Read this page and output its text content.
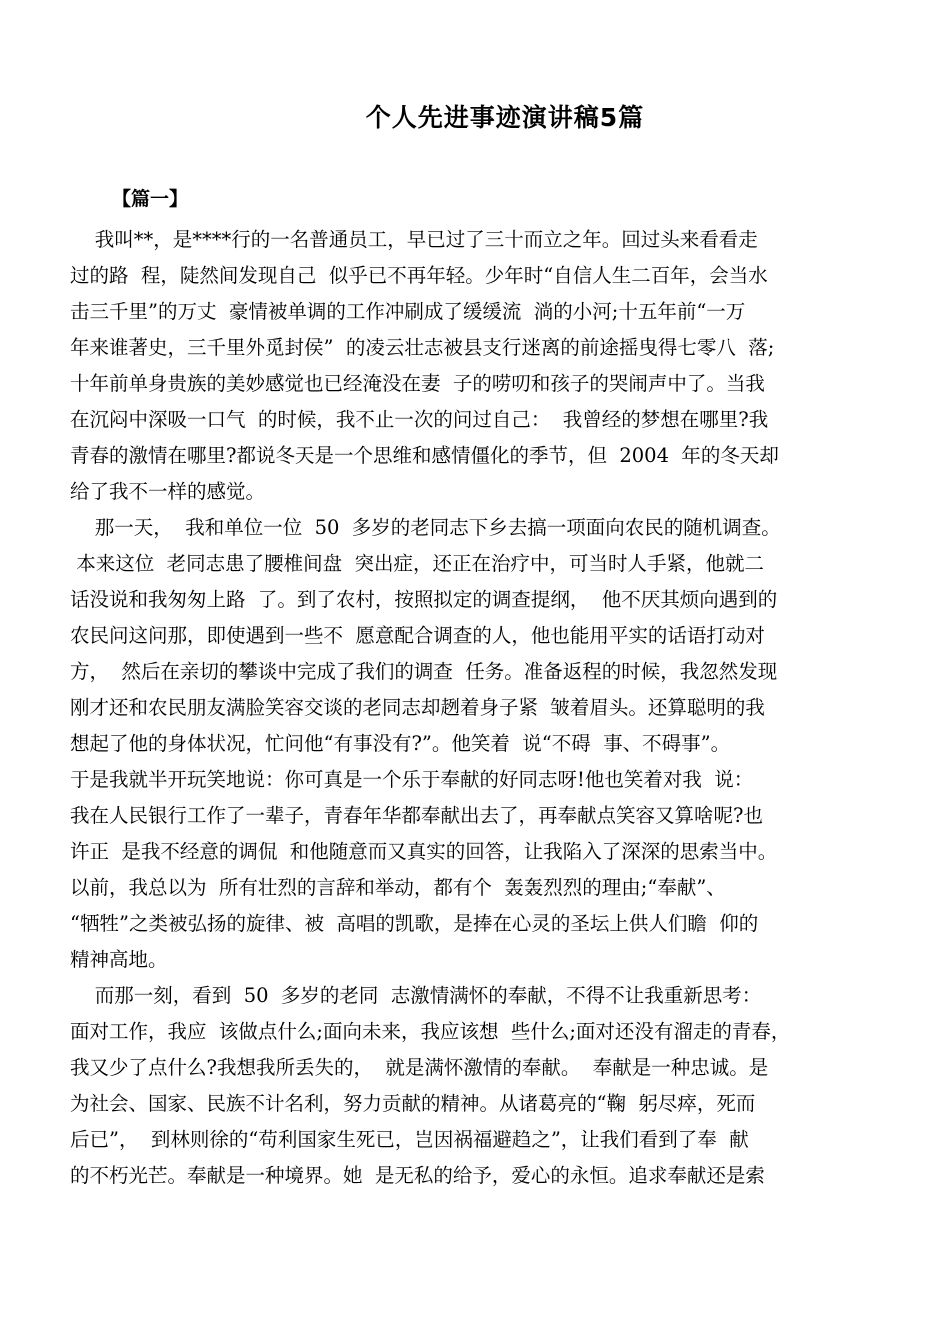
个人先进事迹演讲稿5篇

【篇一】

我叫**，是****行的一名普通员工，早已过了三十而立之年。回过头来看看走

过的路  程，陡然间发现自己  似乎已不再年轻。少年时“自信人生二百年，会当水

击三千里”的万丈  豪情被单调的工作冲刷成了缓缓流  淌的小河;十五年前“一万

年来谁著史，三千里外觅封侯”  的凌云壮志被县支行迷离的前途摇曳得七零八  落;

十年前单身贵族的美妙感觉也已经淹没在妻  子的唠叨和孩子的哭闹声中了。当我

在沉闷中深吸一口气  的时候，我不止一次的问过自己：  我曾经的梦想在哪里?我

青春的激情在哪里?都说冬天是一个思维和感情僵化的季节，但  2004  年的冬天却

给了我不一样的感觉。

那一天，  我和单位一位  50  多岁的老同志下乡去搞一项面向农民的随机调查。

本来这位  老同志患了腰椎间盘  突出症，还正在治疗中，可当时人手紧，他就二

话没说和我匆匆上路  了。到了农村，按照拟定的调查提纲，  他不厌其烦向遇到的

农民问这问那，即使遇到一些不  愿意配合调查的人，他也能用平实的话语打动对

方，  然后在亲切的攀谈中完成了我们的调查  任务。准备返程的时候，我忽然发现

刚才还和农民朋友满脸笑容交谈的老同志却趔着身子紧  皱着眉头。还算聪明的我

想起了他的身体状况，忙问他“有事没有?”。他笑着  说“不碍  事、不碍事”。

于是我就半开玩笑地说：你可真是一个乐于奉献的好同志呀!他也笑着对我  说：

我在人民银行工作了一辈子，青春年华都奉献出去了，再奉献点笑容又算啥呢?也

许正  是我不经意的调侃  和他随意而又真实的回答，让我陷入了深深的思索当中。

以前，我总以为  所有壮烈的言辞和举动，都有个  轰轰烈烈的理由;“奉献”、

“牺牲”之类被弘扬的旋律、被  高唱的凯歌，是捧在心灵的圣坛上供人们瞻  仰的

精神高地。

而那一刻，看到  50  多岁的老同  志激情满怀的奉献，不得不让我重新思考：

面对工作，我应  该做点什么;面向未来，我应该想  些什么;面对还没有溜走的青春，

我又少了点什么?我想我所丢失的，  就是满怀激情的奉献。  奉献是一种忠诚。是

为社会、国家、民族不计名利，努力贡献的精神。从诸葛亮的“鞠  躬尽瘁，死而

后已”，  到林则徐的“苟利国家生死已，岂因祸福避趋之”，让我们看到了奉  献

的不朽光芒。奉献是一种境界。她  是无私的给予，爱心的永恒。追求奉献还是索
